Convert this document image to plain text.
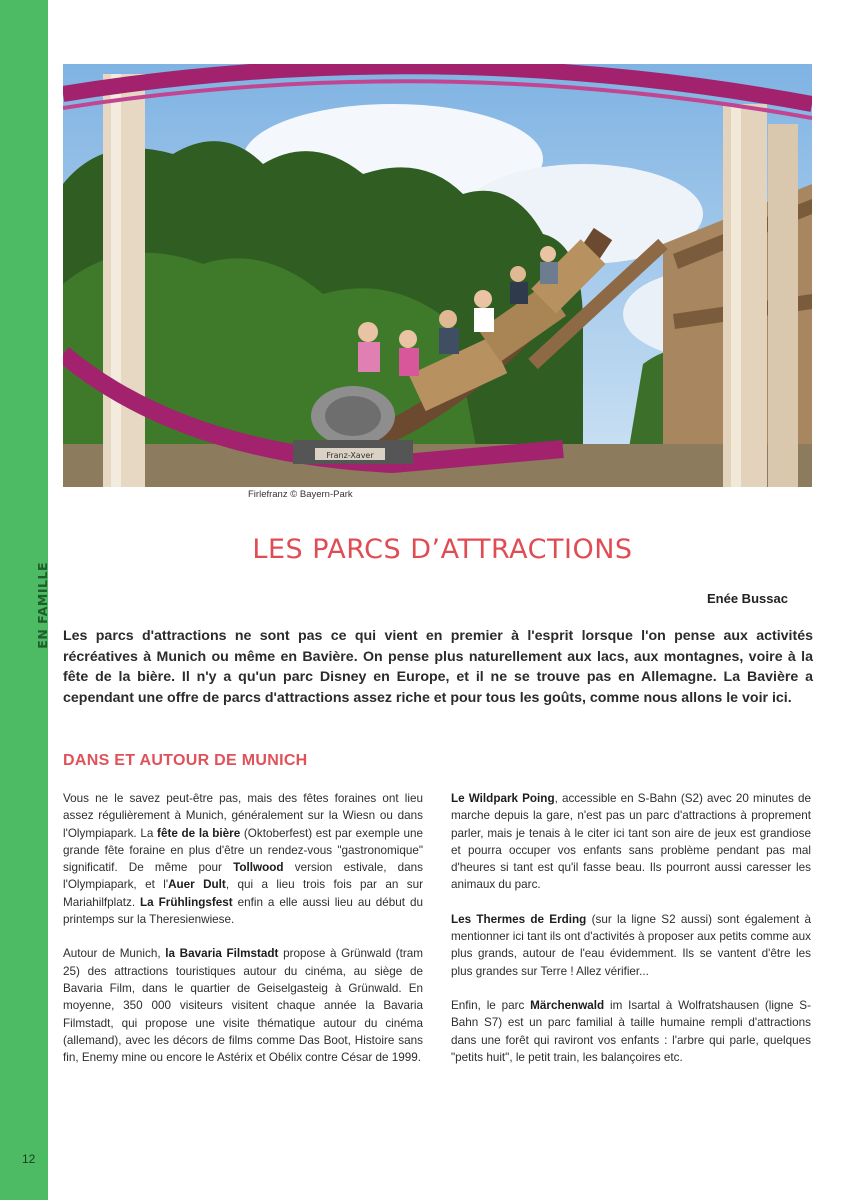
EN FAMILLE
12
Franz-Xaver
Firlefranz © Bayern-Park
LES PARCS D’ATTRACTIONS
Enée Bussac

Les parcs d'attractions ne sont pas ce qui vient en premier à l'esprit lorsque l'on pense aux activités récréatives à Munich ou même en Bavière. On pense plus naturellement aux lacs, aux montagnes, voire à la fête de la bière. Il n'y a qu'un parc Disney en Europe, et il ne se trouve pas en Allemagne. La Bavière a cependant une offre de parcs d'attractions assez riche et pour tous les goûts, comme nous allons le voir ici.

DANS ET AUTOUR DE MUNICH

Vous ne le savez peut-être pas, mais des fêtes foraines ont lieu assez régulièrement à Munich, généralement sur la Wiesn ou dans l'Olympiapark. La fête de la bière (Oktoberfest) est par exemple une grande fête foraine en plus d'être un rendez-vous "gastronomique" significatif. De même pour Tollwood version estivale, dans l'Olympiapark, et l'Auer Dult, qui a lieu trois fois par an sur Mariahilfplatz. La Frühlingsfest enfin a elle aussi lieu au début du printemps sur la Theresienwiese.

Autour de Munich, la Bavaria Filmstadt propose à Grünwald (tram 25) des attractions touristiques autour du cinéma, au siège de Bavaria Film, dans le quartier de Geiselgasteig à Grünwald. En moyenne, 350 000 visiteurs visitent chaque année la Bavaria Filmstadt, qui propose une visite thématique autour du cinéma (allemand), avec les décors de films comme Das Boot, Histoire sans fin, Enemy mine ou encore le Astérix et Obélix contre César de 1999.

Le Wildpark Poing, accessible en S-Bahn (S2) avec 20 minutes de marche depuis la gare, n'est pas un parc d'attractions à proprement parler, mais je tenais à le citer ici tant son aire de jeux est grandiose et pourra occuper vos enfants sans problème pendant pas mal d'heures si tant est qu'il fasse beau. Ils pourront aussi caresser les animaux du parc.

Les Thermes de Erding (sur la ligne S2 aussi) sont également à mentionner ici tant ils ont d'activités à proposer aux petits comme aux plus grands, autour de l'eau évidemment. Ils se vantent d'être les plus grandes sur Terre ! Allez vérifier...

Enfin, le parc Märchenwald im Isartal à Wolfratshausen (ligne S-Bahn S7) est un parc familial à taille humaine rempli d'attractions dans une forêt qui raviront vos enfants : l'arbre qui parle, quelques "petits huit", le petit train, les balançoires etc.
